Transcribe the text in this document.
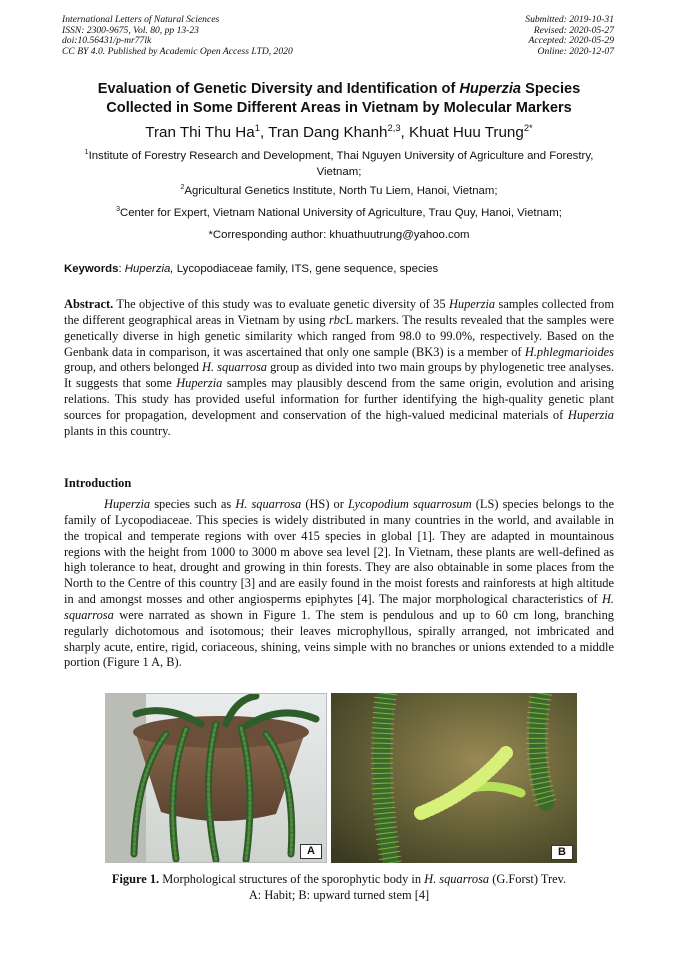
International Letters of Natural Sciences
ISSN: 2300-9675, Vol. 80, pp 13-23
doi:10.56431/p-mr77lk
CC BY 4.0. Published by Academic Open Access LTD, 2020
Submitted: 2019-10-31
Revised: 2020-05-27
Accepted: 2020-05-29
Online: 2020-12-07
Evaluation of Genetic Diversity and Identification of Huperzia Species
Collected in Some Different Areas in Vietnam by Molecular Markers
Tran Thi Thu Ha$^1$, Tran Dang Khanh$^{2,3}$, Khuat Huu Trung$^{2*}$
$^1$Institute of Forestry Research and Development, Thai Nguyen University of Agriculture and Forestry, Vietnam;
$^2$Agricultural Genetics Institute, North Tu Liem, Hanoi, Vietnam;
$^3$Center for Expert, Vietnam National University of Agriculture, Trau Quy, Hanoi, Vietnam;
*Corresponding author: khuathuutrung@yahoo.com
Keywords: Huperzia, Lycopodiaceae family, ITS, gene sequence, species
Abstract. The objective of this study was to evaluate genetic diversity of 35 Huperzia samples collected from the different geographical areas in Vietnam by using rbcL markers. The results revealed that the samples were genetically diverse in high genetic similarity which ranged from 98.0 to 99.0%, respectively. Based on the Genbank data in comparison, it was ascertained that only one sample (BK3) is a member of H.phlegmarioides group, and others belonged H. squarrosa group as divided into two main groups by phylogenetic tree analyses. It suggests that some Huperzia samples may plausibly descend from the same origin, evolution and arising relations. This study has provided useful information for further identifying the high-quality genetic plant sources for propagation, development and conservation of the high-valued medicinal materials of Huperzia plants in this country.
Introduction
Huperzia species such as H. squarrosa (HS) or Lycopodium squarrosum (LS) species belongs to the family of Lycopodiaceae. This species is widely distributed in many countries in the world, and available in the tropical and temperate regions with over 415 species in global [1]. They are adapted in mountainous regions with the height from 1000 to 3000 m above sea level [2]. In Vietnam, these plants are well-defined as high tolerance to heat, drought and growing in thin forests. They are also obtainable in some places from the North to the Centre of this country [3] and are easily found in the moist forests and rainforests at high altitude in and amongst mosses and other angiosperms epiphytes [4]. The major morphological characteristics of H. squarrosa were narrated as shown in Figure 1. The stem is pendulous and up to 60 cm long, branching regularly dichotomous and isotomous; their leaves microphyllous, spirally arranged, not imbricated and sharply acute, entire, rigid, coriaceous, shining, veins simple with no branches or unions extended to a middle portion (Figure 1 A, B).
A	B
Figure 1. Morphological structures of the sporophytic body in H. squarrosa (G.Forst) Trev.
A: Habit; B: upward turned stem [4]
